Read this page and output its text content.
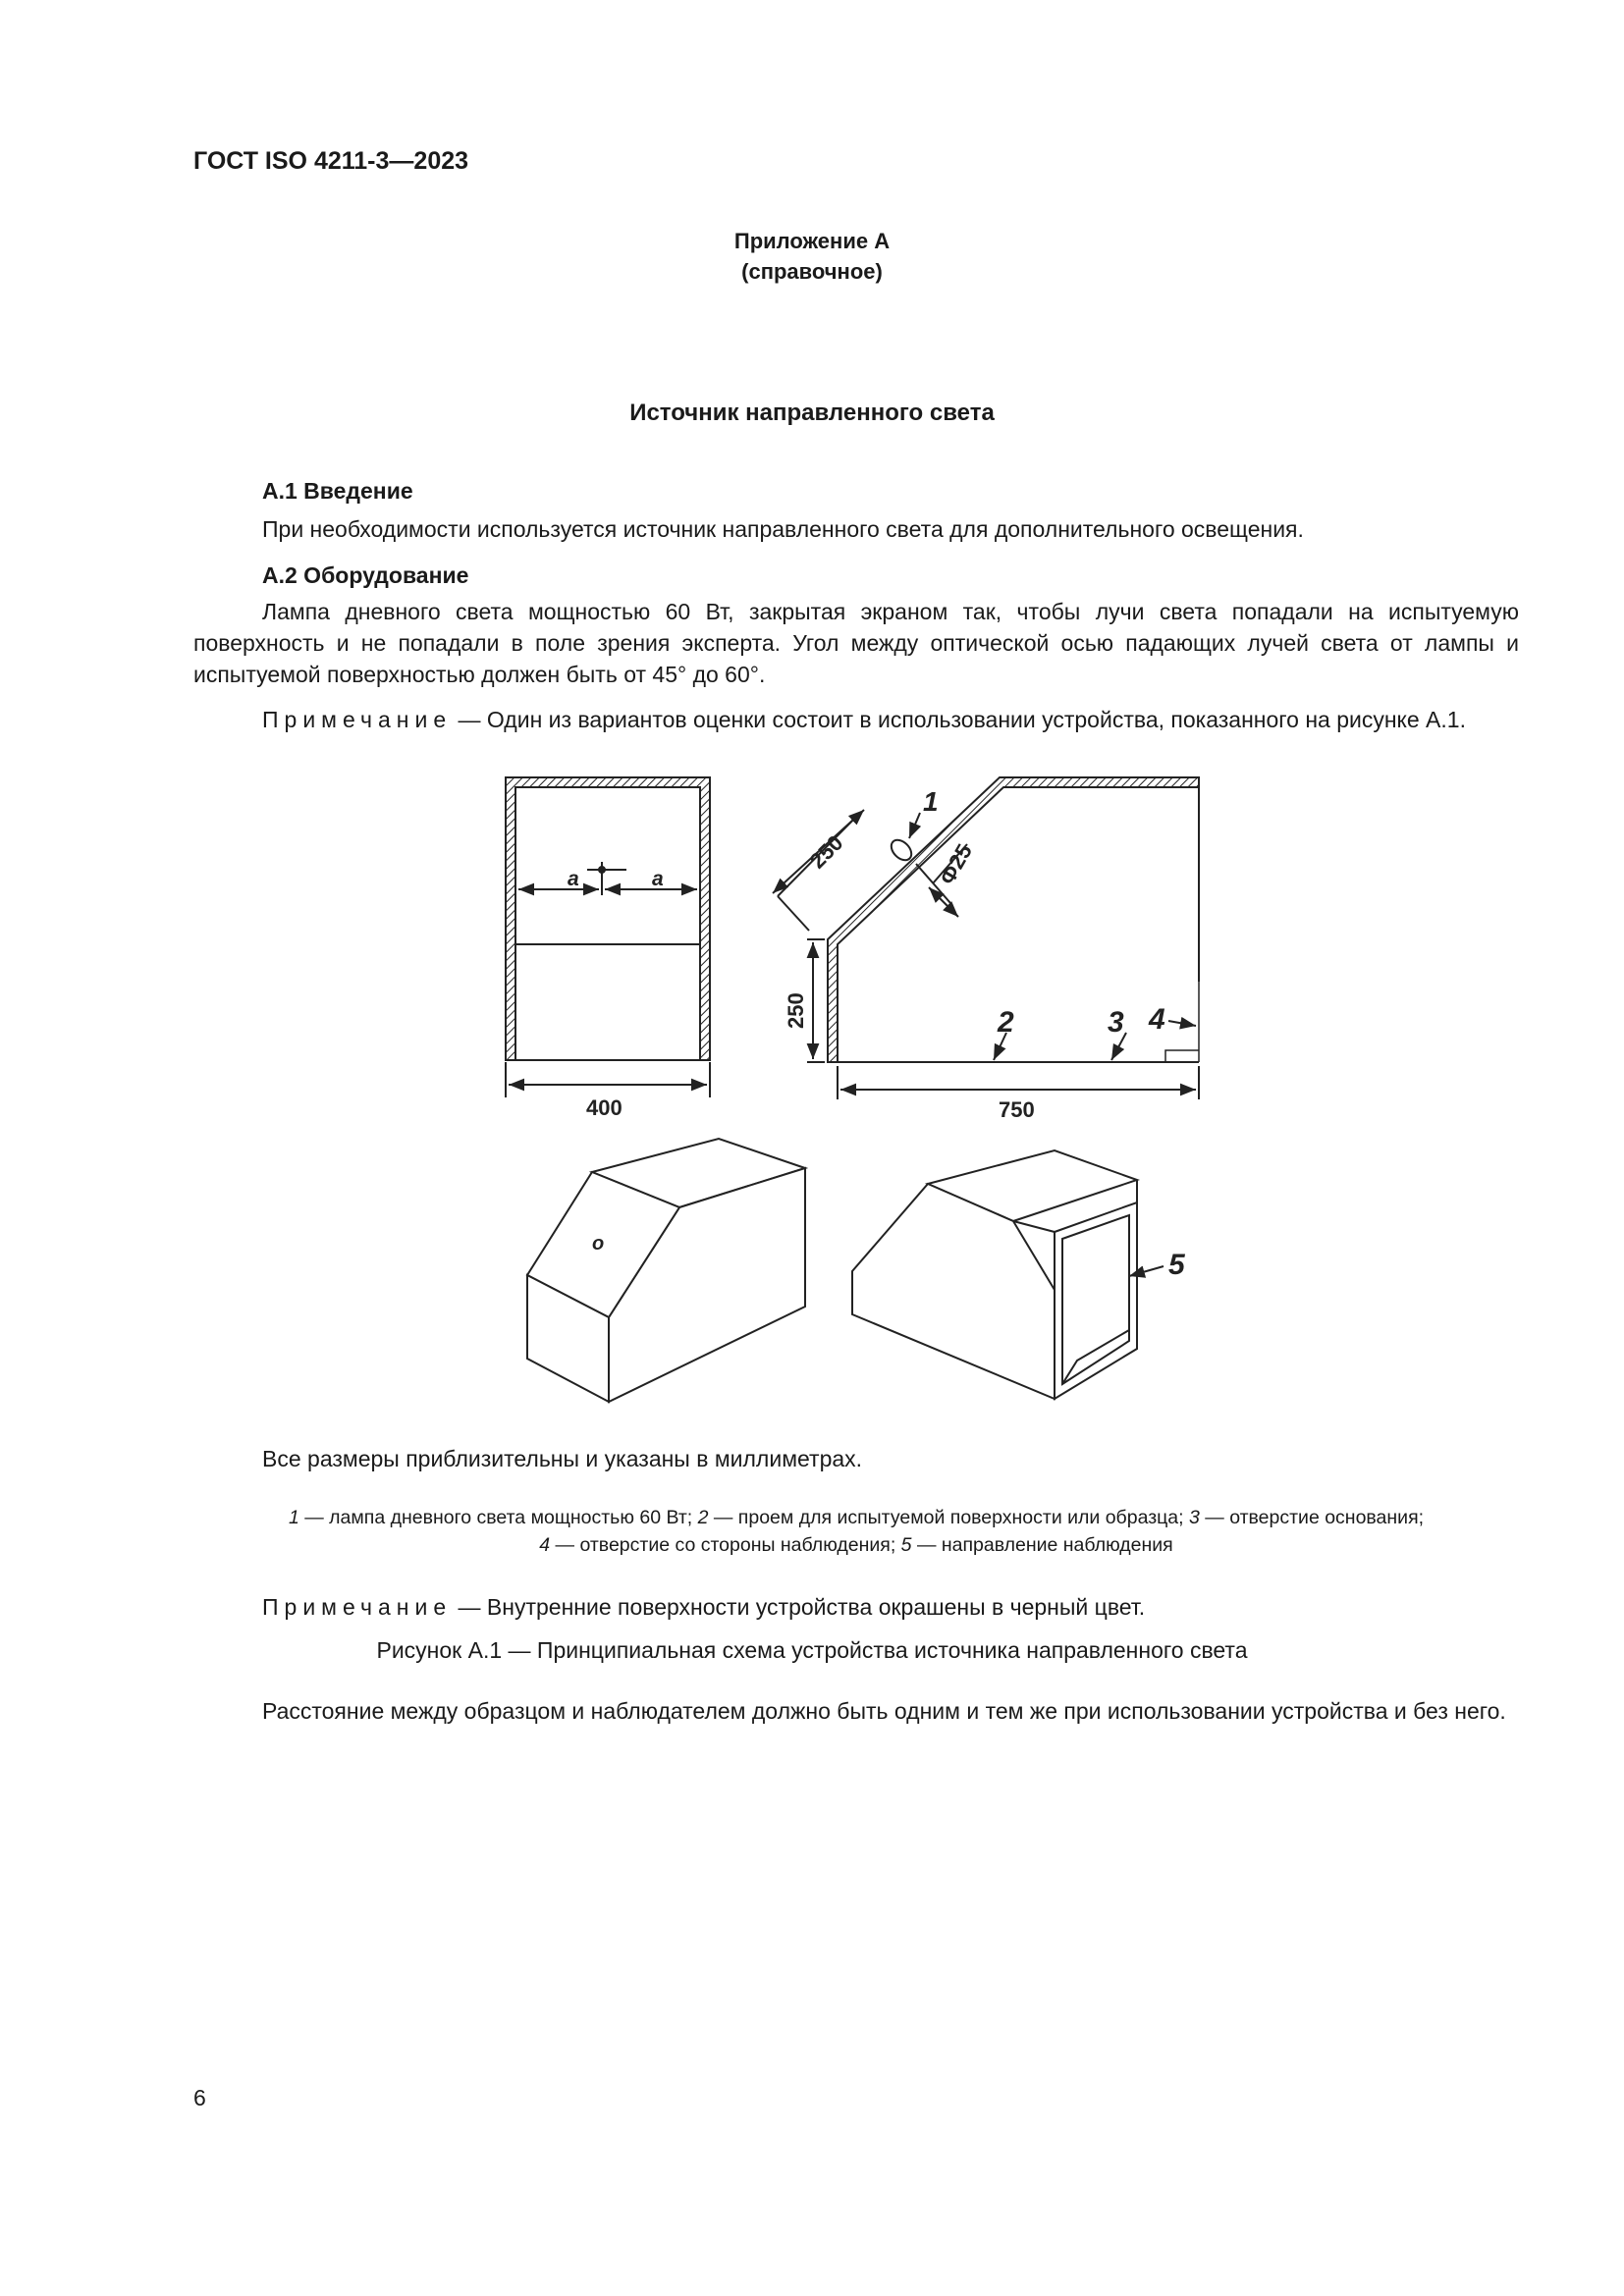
ГОСТ ISO 4211-3—2023
Приложение А
(справочное)
Источник направленного света
А.1 Введение
При необходимости используется источник направленного света для дополнительного освещения.
А.2 Оборудование
Лампа дневного света мощностью 60 Вт, закрытая экраном так, чтобы лучи света попадали на испытуемую поверхность и не попадали в поле зрения эксперта. Угол между оптической осью падающих лучей света от лампы и испытуемой поверхностью должен быть от 45° до 60°.
Примечание — Один из вариантов оценки состоит в использовании устройства, показанного на рисунке А.1.
a	a
400	750
250
250	Ф25
1
2	3 4
5
о
Все размеры приблизительны и указаны в миллиметрах.
1 — лампа дневного света мощностью 60 Вт; 2 — проем для испытуемой поверхности или образца; 3 — отверстие основания;
4 — отверстие со стороны наблюдения; 5 — направление наблюдения
Примечание — Внутренние поверхности устройства окрашены в черный цвет.
Рисунок А.1 — Принципиальная схема устройства источника направленного света
Расстояние между образцом и наблюдателем должно быть одним и тем же при использовании устройства и без него.
6
